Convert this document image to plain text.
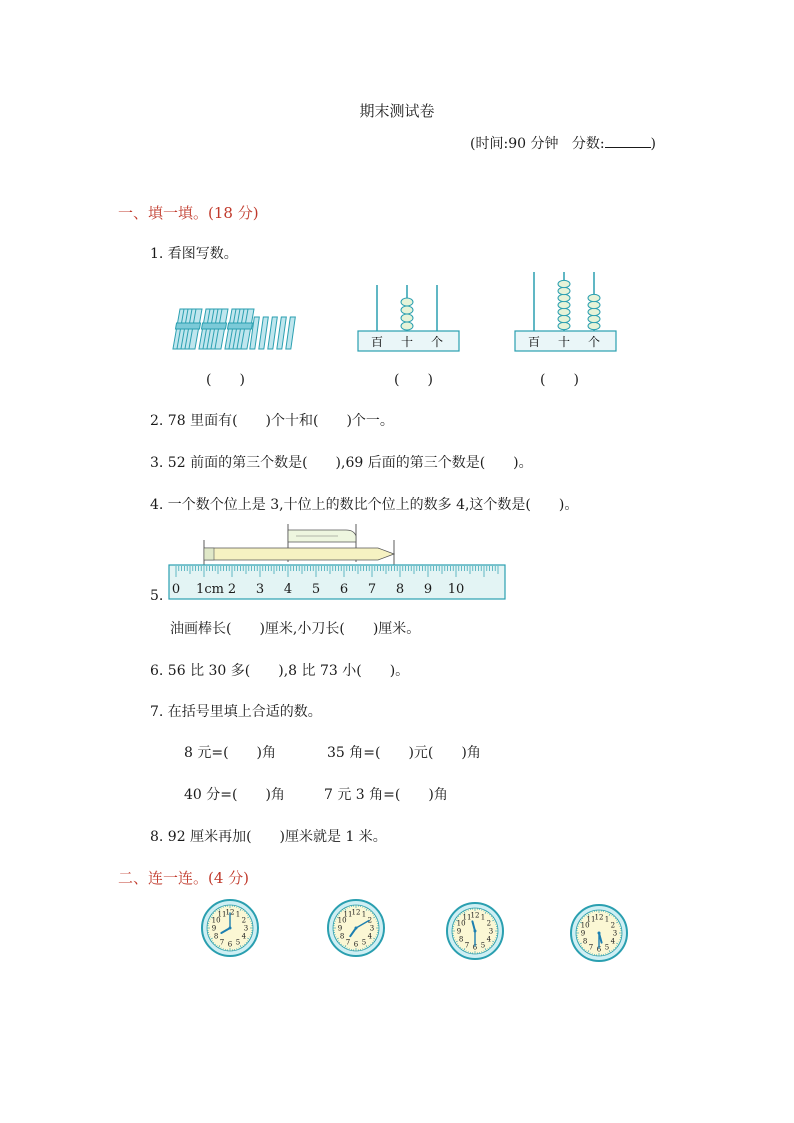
期末测试卷
(时间:90 分钟 分数:	)
一、填一填。(18 分)
1. 看图写数。
百 十 个	百 十 个
(　　)	(　　)	(　　)
2. 78 里面有(　　)个十和(　　)个一。
3. 52 前面的第三个数是(　　),69 后面的第三个数是(　　)。
4. 一个数个位上是 3,十位上的数比个位上的数多 4,这个数是(　　)。
0 1cm 2 3 4 5 6 7 8 9 10
5.
油画棒长(　　)厘米,小刀长(　　)厘米。
6. 56 比 30 多(　　),8 比 73 小(　　)。
7. 在括号里填上合适的数。
8 元=(　　)角	35 角=(　　)元(　　)角
40 分=(　　)角	7 元 3 角=(　　)角
8. 92 厘米再加(　　)厘米就是 1 米。
二、连一连。(4 分)
12 1
2
3
4
5
6
7
8
9
10
11	12 1
2
3
4
5
6
7
8
9
10
11	12 1
2
3
4
5
6
7
8
9
10
11	12 1
2
3
4
5
6
7
8
9
10
11
